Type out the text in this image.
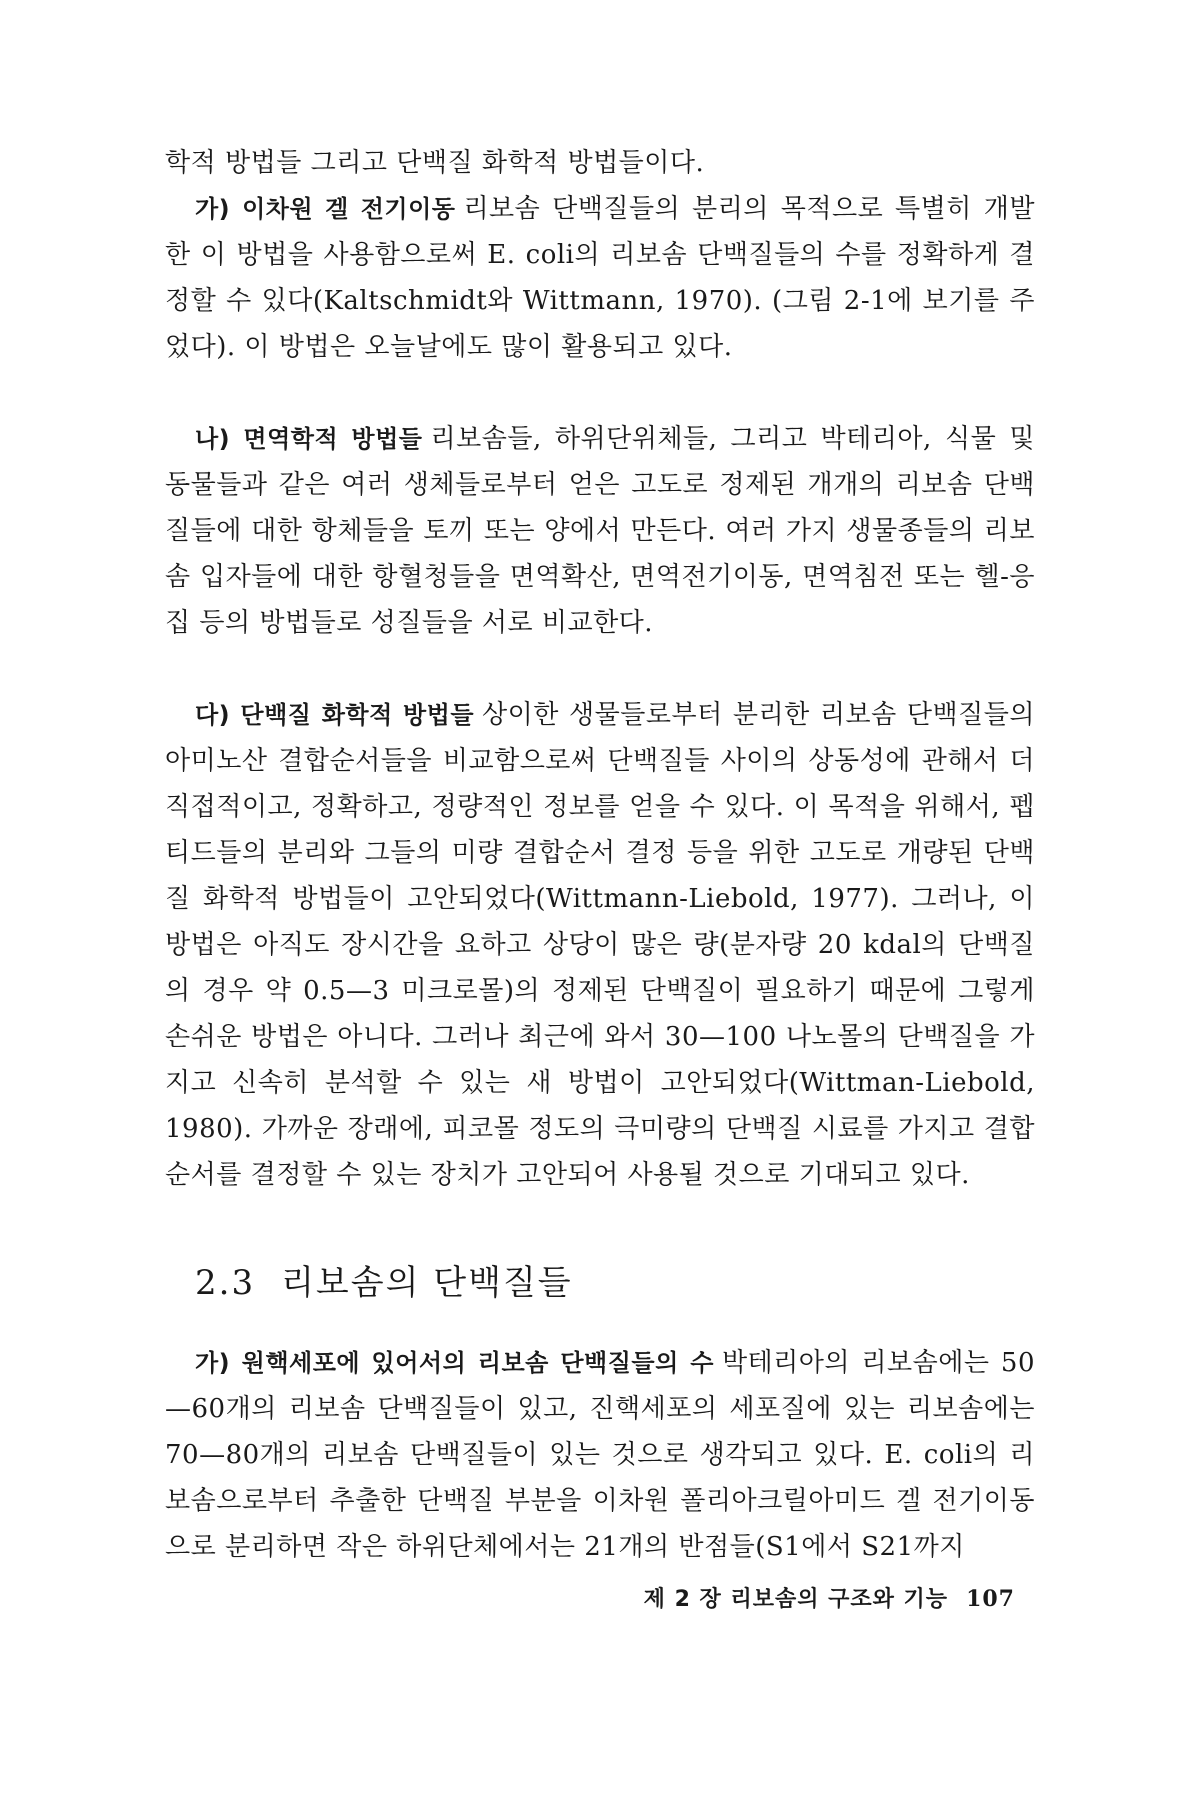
학적 방법들 그리고 단백질 화학적 방법들이다.

가) 이차원 겔 전기이동 리보솜 단백질들의 분리의 목적으로 특별히 개발한 이 방법을 사용함으로써 E. coli의 리보솜 단백질들의 수를 정확하게 결정할 수 있다(Kaltschmidt와 Wittmann, 1970). (그림 2-1에 보기를 주었다). 이 방법은 오늘날에도 많이 활용되고 있다.

나) 면역학적 방법들 리보솜들, 하위단위체들, 그리고 박테리아, 식물 및 동물들과 같은 여러 생체들로부터 얻은 고도로 정제된 개개의 리보솜 단백질들에 대한 항체들을 토끼 또는 양에서 만든다. 여러 가지 생물종들의 리보솜 입자들에 대한 항혈청들을 면역확산, 면역전기이동, 면역침전 또는 헬-응집 등의 방법들로 성질들을 서로 비교한다.

다) 단백질 화학적 방법들 상이한 생물들로부터 분리한 리보솜 단백질들의 아미노산 결합순서들을 비교함으로써 단백질들 사이의 상동성에 관해서 더 직접적이고, 정확하고, 정량적인 정보를 얻을 수 있다. 이 목적을 위해서, 펩티드들의 분리와 그들의 미량 결합순서 결정 등을 위한 고도로 개량된 단백질 화학적 방법들이 고안되었다(Wittmann-Liebold, 1977). 그러나, 이 방법은 아직도 장시간을 요하고 상당이 많은 량(분자량 20 kdal의 단백질의 경우 약 0.5—3 미크로몰)의 정제된 단백질이 필요하기 때문에 그렇게 손쉬운 방법은 아니다. 그러나 최근에 와서 30—100 나노몰의 단백질을 가지고 신속히 분석할 수 있는 새 방법이 고안되었다(Wittman-Liebold, 1980). 가까운 장래에, 피코몰 정도의 극미량의 단백질 시료를 가지고 결합순서를 결정할 수 있는 장치가 고안되어 사용될 것으로 기대되고 있다.

2.3 리보솜의 단백질들

가) 원핵세포에 있어서의 리보솜 단백질들의 수 박테리아의 리보솜에는 50—60개의 리보솜 단백질들이 있고, 진핵세포의 세포질에 있는 리보솜에는 70—80개의 리보솜 단백질들이 있는 것으로 생각되고 있다. E. coli의 리보솜으로부터 추출한 단백질 부분을 이차원 폴리아크릴아미드 겔 전기이동으로 분리하면 작은 하위단체에서는 21개의 반점들(S1에서 S21까지

제 2 장 리보솜의 구조와 기능 107
